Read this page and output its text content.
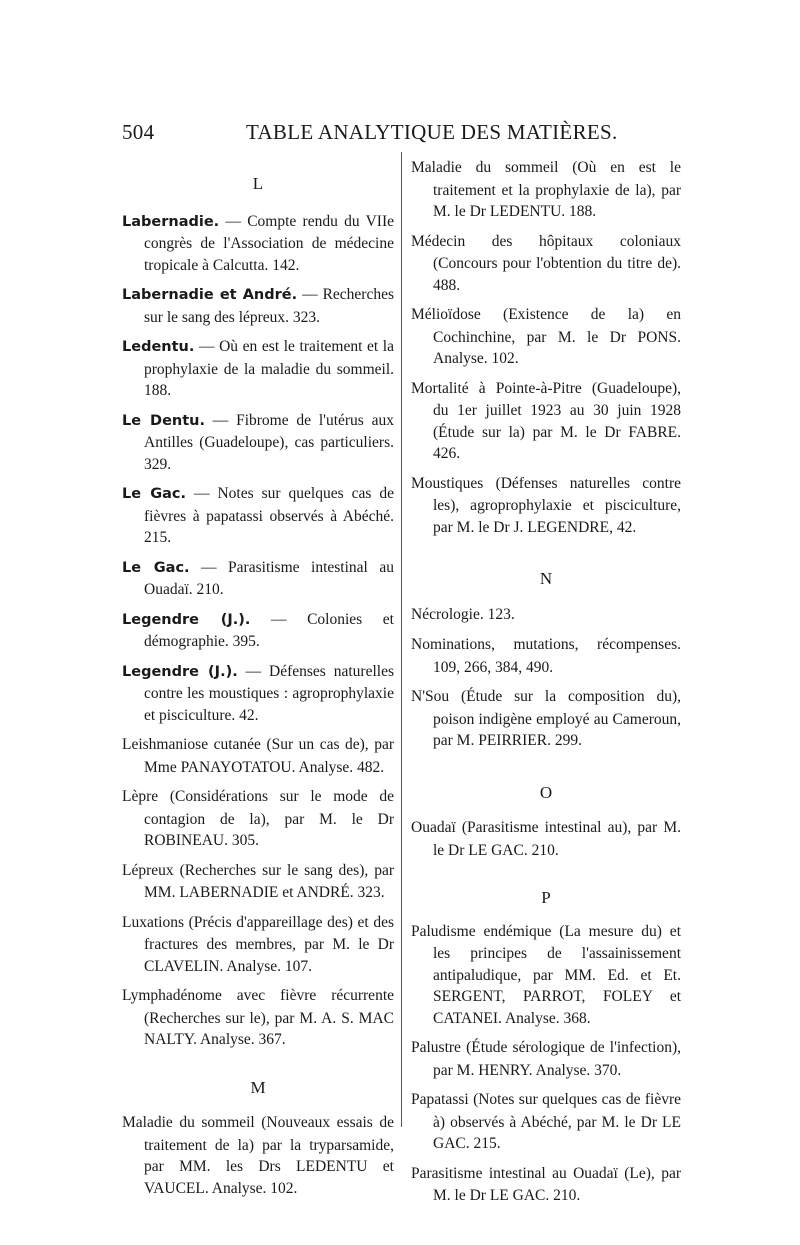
504	TABLE ANALYTIQUE DES MATIÈRES.
L

Labernadie. — Compte rendu du VIIe congrès de l'Association de médecine tropicale à Calcutta. 142.

Labernadie et André. — Recherches sur le sang des lépreux. 323.

Ledentu. — Où en est le traitement et la prophylaxie de la maladie du sommeil. 188.

Le Dentu. — Fibrome de l'utérus aux Antilles (Guadeloupe), cas particuliers. 329.

Le Gac. — Notes sur quelques cas de fièvres à papatassi observés à Abéché. 215.

Le Gac. — Parasitisme intestinal au Ouadaï. 210.

Legendre (J.). — Colonies et démographie. 395.

Legendre (J.). — Défenses naturelles contre les moustiques : agroprophylaxie et pisciculture. 42.

Leishmaniose cutanée (Sur un cas de), par Mme PANAYOTATOU. Analyse. 482.

Lèpre (Considérations sur le mode de contagion de la), par M. le Dr ROBINEAU. 305.

Lépreux (Recherches sur le sang des), par MM. LABERNADIE et ANDRÉ. 323.

Luxations (Précis d'appareillage des) et des fractures des membres, par M. le Dr CLAVELIN. Analyse. 107.

Lymphadénome avec fièvre récurrente (Recherches sur le), par M. A. S. MAC NALTY. Analyse. 367.

M

Maladie du sommeil (Nouveaux essais de traitement de la) par la tryparsamide, par MM. les Drs LEDENTU et VAUCEL. Analyse. 102.

Maladie du sommeil (Où en est le traitement et la prophylaxie de la), par M. le Dr LEDENTU. 188.

Médecin des hôpitaux coloniaux (Concours pour l'obtention du titre de). 488.

Mélioïdose (Existence de la) en Cochinchine, par M. le Dr PONS. Analyse. 102.

Mortalité à Pointe-à-Pitre (Guadeloupe), du 1er juillet 1923 au 30 juin 1928 (Étude sur la) par M. le Dr FABRE. 426.

Moustiques (Défenses naturelles contre les), agroprophylaxie et pisciculture, par M. le Dr J. LEGENDRE, 42.

N

Nécrologie. 123.

Nominations, mutations, récompenses. 109, 266, 384, 490.

N'Sou (Étude sur la composition du), poison indigène employé au Cameroun, par M. PEIRRIER. 299.

O

Ouadaï (Parasitisme intestinal au), par M. le Dr LE GAC. 210.

P

Paludisme endémique (La mesure du) et les principes de l'assainissement antipaludique, par MM. Ed. et Et. SERGENT, PARROT, FOLEY et CATANEI. Analyse. 368.

Palustre (Étude sérologique de l'infection), par M. HENRY. Analyse. 370.

Papatassi (Notes sur quelques cas de fièvre à) observés à Abéché, par M. le Dr LE GAC. 215.

Parasitisme intestinal au Ouadaï (Le), par M. le Dr LE GAC. 210.
